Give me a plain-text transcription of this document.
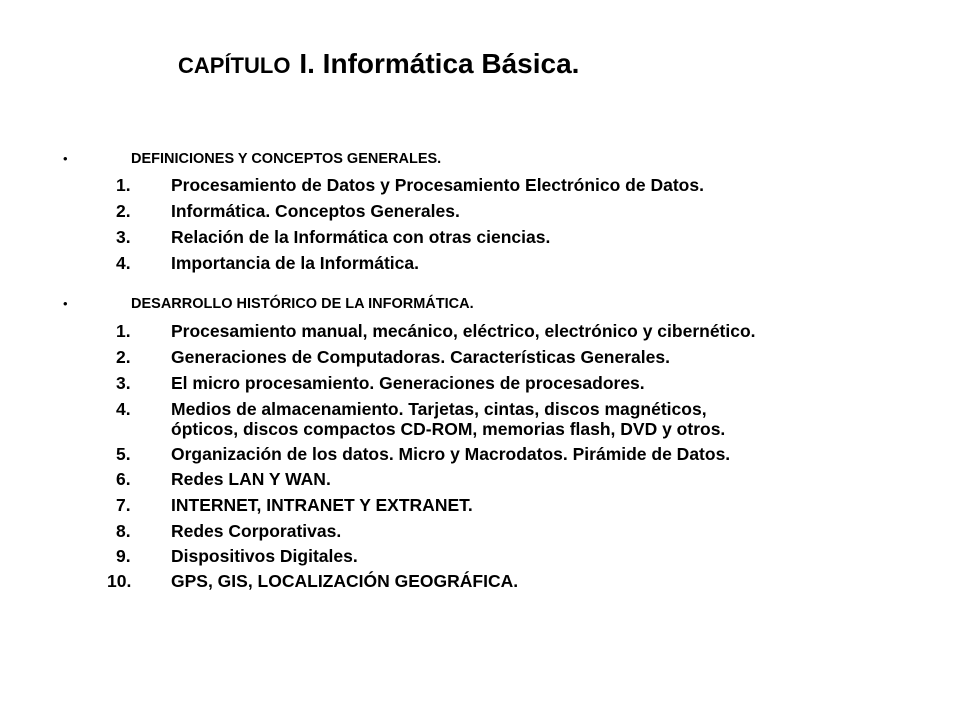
CAPÍTULO I. Informática Básica.
•	DEFINICIONES Y CONCEPTOS GENERALES.
1. Procesamiento de Datos y Procesamiento Electrónico de Datos.
2. Informática. Conceptos Generales.
3. Relación de la Informática con otras ciencias.
4. Importancia de la Informática.
•	DESARROLLO HISTÓRICO DE LA INFORMÁTICA.
1. Procesamiento manual, mecánico, eléctrico, electrónico y cibernético.
2. Generaciones de Computadoras. Características Generales.
3. El micro procesamiento. Generaciones de procesadores.
4. Medios de almacenamiento. Tarjetas, cintas, discos magnéticos,
ópticos, discos compactos CD-ROM, memorias flash, DVD y otros.
5. Organización de los datos. Micro y Macrodatos. Pirámide de Datos.
6. Redes LAN Y WAN.
7. INTERNET, INTRANET Y EXTRANET.
8. Redes Corporativas.
9. Dispositivos Digitales.
10. GPS, GIS, LOCALIZACIÓN GEOGRÁFICA.
